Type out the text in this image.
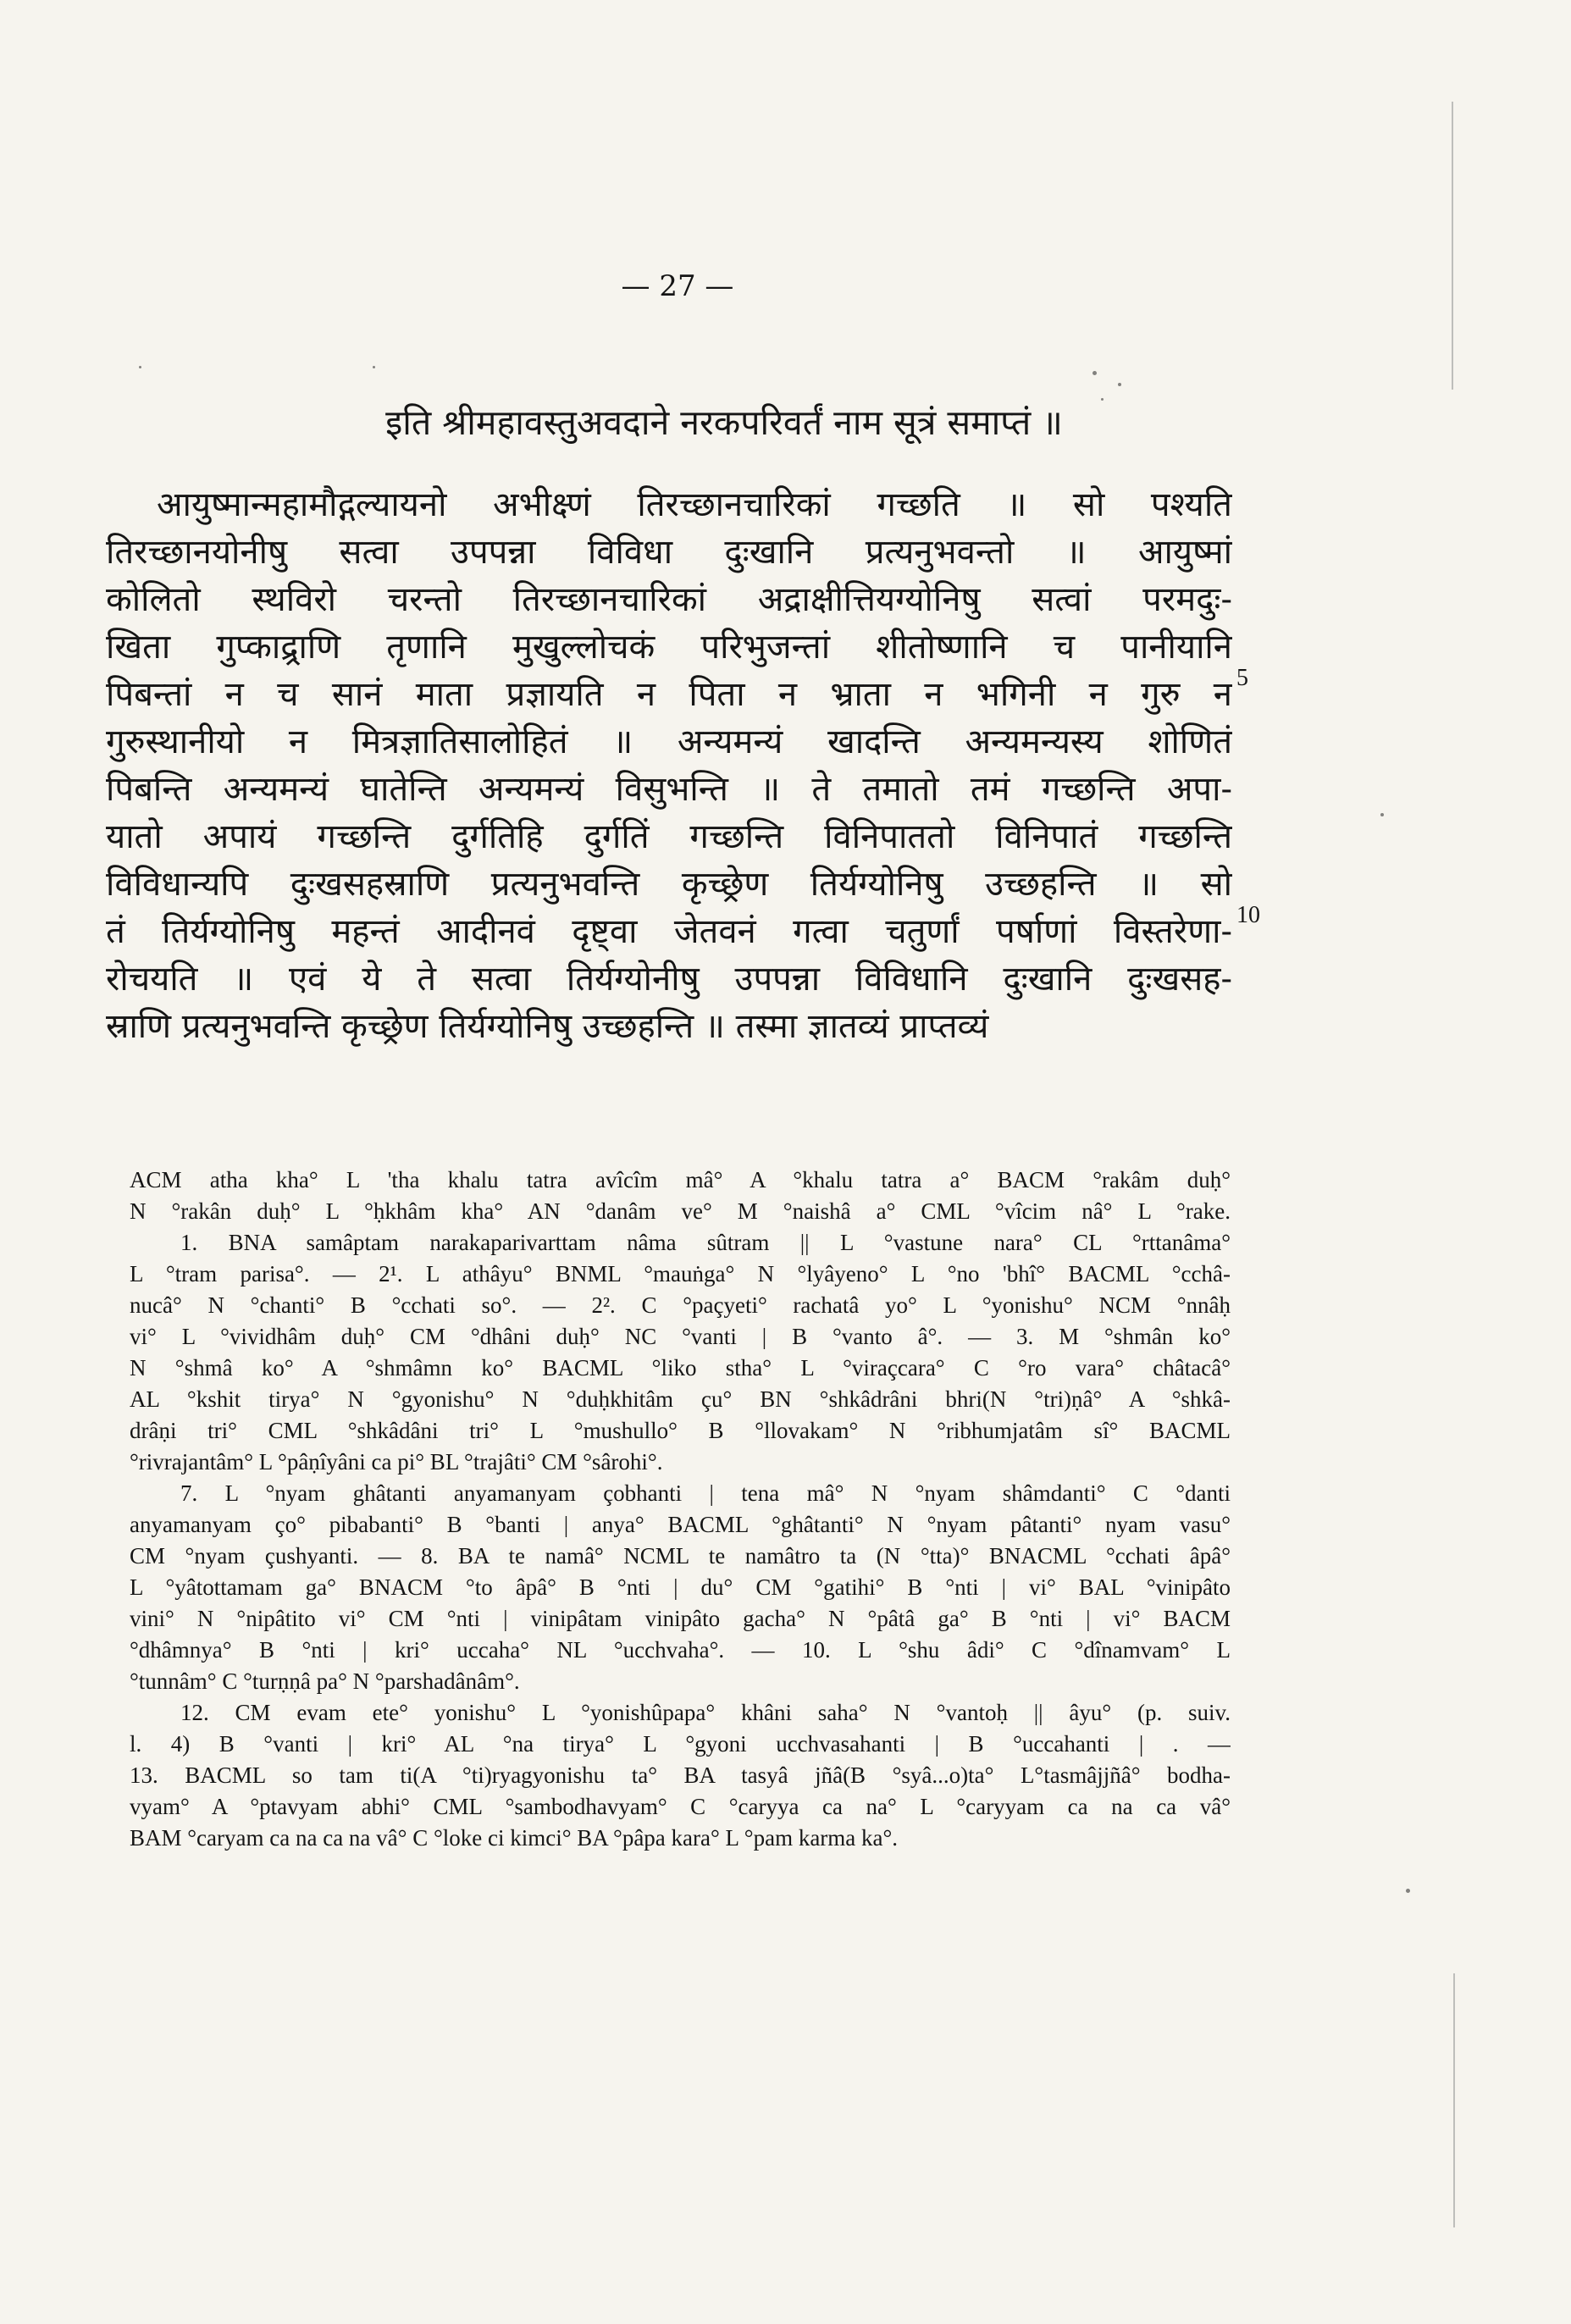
— 27 —
इति श्रीमहावस्तुअवदाने नरकपरिवर्तं नाम सूत्रं समाप्तं ॥
आयुष्मान्महामौद्गल्यायनो अभीक्ष्णं तिरच्छानचारिकां गच्छति ॥ सो पश्यति
तिरच्छानयोनीषु सत्वा उपपन्ना विविधा दुःखानि प्रत्यनुभवन्तो ॥ आयुष्मां
कोलितो स्थविरो चरन्तो तिरच्छानचारिकां अद्राक्षीत्तियग्योनिषु सत्वां परमदुः-
खिता गुप्काद्र्राणि तृणानि मुखुल्लोचकं परिभुजन्तां शीतोष्णानि च पानीयानि
पिबन्तां न च सानं माता प्रज्ञायति न पिता न भ्राता न भगिनी न गुरु न
गुरुस्थानीयो न मित्रज्ञातिसालोहितं ॥ अन्यमन्यं खादन्ति अन्यमन्यस्य शोणितं
पिबन्ति अन्यमन्यं घातेन्ति अन्यमन्यं विसुभन्ति ॥ ते तमातो तमं गच्छन्ति अपा-
यातो अपायं गच्छन्ति दुर्गतिहि दुर्गतिं गच्छन्ति विनिपाततो विनिपातं गच्छन्ति
विविधान्यपि दुःखसहस्राणि प्रत्यनुभवन्ति कृच्छ्रेण तिर्यग्योनिषु उच्छहन्ति ॥ सो
तं तिर्यग्योनिषु महन्तं आदीनवं दृष्ट्वा जेतवनं गत्वा चतुर्णां पर्षाणां विस्तरेणा-
रोचयति ॥ एवं ये ते सत्वा तिर्यग्योनीषु उपपन्ना विविधानि दुःखानि दुःखसह-
स्राणि प्रत्यनुभवन्ति कृच्छ्रेण तिर्यग्योनिषु उच्छहन्ति ॥ तस्मा ज्ञातव्यं प्राप्तव्यं
5
10
ACM atha kha° L 'tha khalu tatra avîcîm mâ° A °khalu tatra a° BACM °rakâm duḥ°
N °rakân duḥ° L °ḥkhâm kha° AN °danâm ve° M °naishâ a° CML °vîcim nâ° L °rake.
1. BNA samâptam narakaparivarttam nâma sûtram || L °vastune nara° CL °rttanâma°
L °tram parisa°. — 2¹. L athâyu° BNML °mauṅga° N °lyâyeno° L °no 'bhî° BACML °cchâ-
nucâ° N °chanti° B °cchati so°. — 2². C °paçyeti° rachatâ yo° L °yonishu° NCM °nnâḥ
vi° L °vividhâm duḥ° CM °dhâni duḥ° NC °vanti | B °vanto â°. — 3. M °shmân ko°
N °shmâ ko° A °shmâmn ko° BACML °liko stha° L °viraçcara° C °ro vara° châtacâ°
AL °kshit tirya° N °gyonishu° N °duḥkhitâm çu° BN °shkâdrâni bhri(N °tri)ṇâ° A °shkâ-
drâṇi tri° CML °shkâdâni tri° L °mushullo° B °llovakam° N °ribhumjatâm sî° BACML
°rivrajantâm° L °pâṇîyâni ca pi° BL °trajâti° CM °sârohi°.
7. L °nyam ghâtanti anyamanyam çobhanti | tena mâ° N °nyam shâmdanti° C °danti
anyamanyam ço° pibabanti° B °banti | anya° BACML °ghâtanti° N °nyam pâtanti° nyam vasu°
CM °nyam çushyanti. — 8. BA te namâ° NCML te namâtro ta (N °tta)° BNACML °cchati âpâ°
L °yâtottamam ga° BNACM °to âpâ° B °nti | du° CM °gatihi° B °nti | vi° BAL °vinipâto
vini° N °nipâtito vi° CM °nti | vinipâtam vinipâto gacha° N °pâtâ ga° B °nti | vi° BACM
°dhâmnya° B °nti | kri° uccaha° NL °ucchvaha°. — 10. L °shu âdi° C °dînamvam° L
°tunnâm° C °turṇṇâ pa° N °parshadânâm°.
12. CM evam ete° yonishu° L °yonishûpapa° khâni saha° N °vantoḥ || âyu° (p. suiv.
l. 4) B °vanti | kri° AL °na tirya° L °gyoni ucchvasahanti | B °uccahanti | . —
13. BACML so tam ti(A °ti)ryagyonishu ta° BA tasyâ jñâ(B °syâ...o)ta° L°tasmâjjñâ° bodha-
vyam° A °ptavyam abhi° CML °sambodhavyam° C °caryya ca na° L °caryyam ca na ca vâ°
BAM °caryam ca na ca na vâ° C °loke ci kimci° BA °pâpa kara° L °pam karma ka°.
